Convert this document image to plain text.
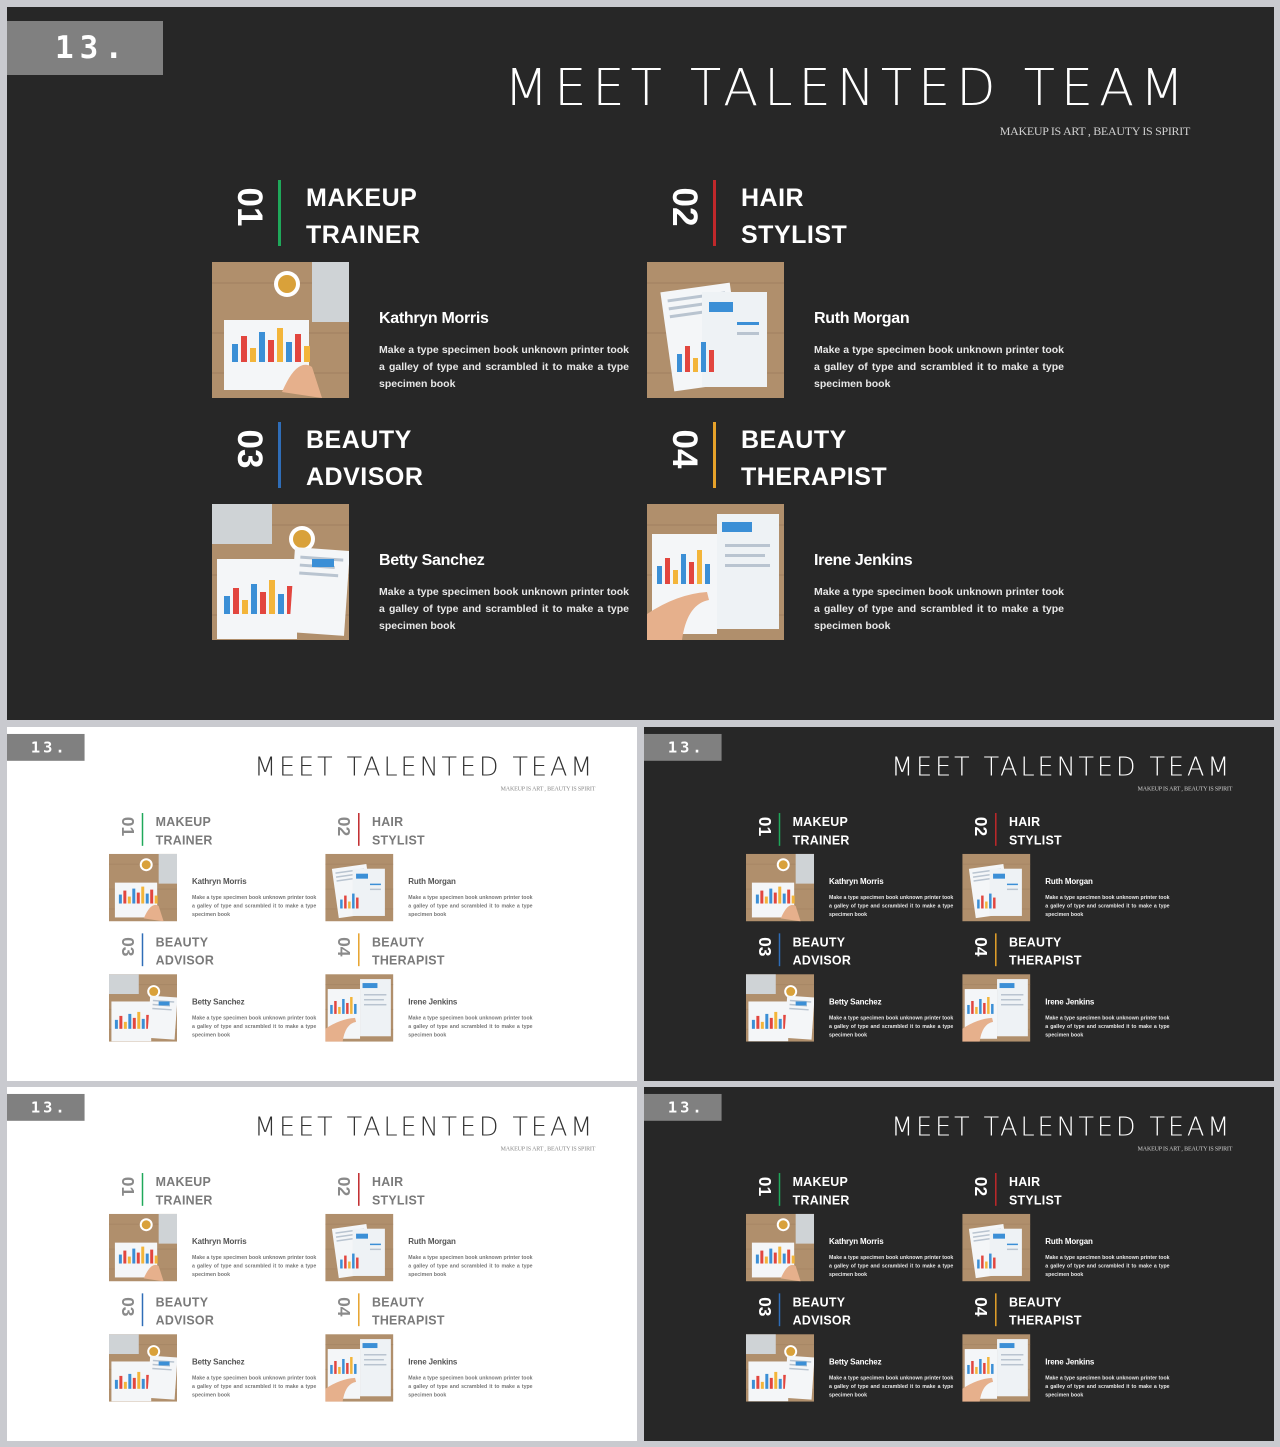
13.
MEET TALENTED TEAM
MAKEUP IS ART , BEAUTY IS SPIRIT
01 MAKEUP
TRAINER
Kathryn Morris
Make a type specimen book unknown printer took a galley of type and scrambled it to make a type specimen book
02 HAIR
STYLIST
Ruth Morgan
Make a type specimen book unknown printer took a galley of type and scrambled it to make a type specimen book
03 BEAUTY
ADVISOR
Betty Sanchez
Make a type specimen book unknown printer took a galley of type and scrambled it to make a type specimen book
04 BEAUTY
THERAPIST
Irene Jenkins
Make a type specimen book unknown printer took a galley of type and scrambled it to make a type specimen book
13.
MEET TALENTED TEAM
MAKEUP IS ART , BEAUTY IS SPIRIT
01 MAKEUP
TRAINER
Kathryn Morris
Make a type specimen book unknown printer took a galley of type and scrambled it to make a type specimen book
02 HAIR
STYLIST
Ruth Morgan
Make a type specimen book unknown printer took a galley of type and scrambled it to make a type specimen book
03 BEAUTY
ADVISOR
Betty Sanchez
Make a type specimen book unknown printer took a galley of type and scrambled it to make a type specimen book
04 BEAUTY
THERAPIST
Irene Jenkins
Make a type specimen book unknown printer took a galley of type and scrambled it to make a type specimen book
13.
MEET TALENTED TEAM
MAKEUP IS ART , BEAUTY IS SPIRIT
01 MAKEUP
TRAINER
Kathryn Morris
Make a type specimen book unknown printer took a galley of type and scrambled it to make a type specimen book
02 HAIR
STYLIST
Ruth Morgan
Make a type specimen book unknown printer took a galley of type and scrambled it to make a type specimen book
03 BEAUTY
ADVISOR
Betty Sanchez
Make a type specimen book unknown printer took a galley of type and scrambled it to make a type specimen book
04 BEAUTY
THERAPIST
Irene Jenkins
Make a type specimen book unknown printer took a galley of type and scrambled it to make a type specimen book
13.
MEET TALENTED TEAM
MAKEUP IS ART , BEAUTY IS SPIRIT
01 MAKEUP
TRAINER
Kathryn Morris
Make a type specimen book unknown printer took a galley of type and scrambled it to make a type specimen book
02 HAIR
STYLIST
Ruth Morgan
Make a type specimen book unknown printer took a galley of type and scrambled it to make a type specimen book
03 BEAUTY
ADVISOR
Betty Sanchez
Make a type specimen book unknown printer took a galley of type and scrambled it to make a type specimen book
04 BEAUTY
THERAPIST
Irene Jenkins
Make a type specimen book unknown printer took a galley of type and scrambled it to make a type specimen book
13.
MEET TALENTED TEAM
MAKEUP IS ART , BEAUTY IS SPIRIT
01 MAKEUP
TRAINER
Kathryn Morris
Make a type specimen book unknown printer took a galley of type and scrambled it to make a type specimen book
02 HAIR
STYLIST
Ruth Morgan
Make a type specimen book unknown printer took a galley of type and scrambled it to make a type specimen book
03 BEAUTY
ADVISOR
Betty Sanchez
Make a type specimen book unknown printer took a galley of type and scrambled it to make a type specimen book
04 BEAUTY
THERAPIST
Irene Jenkins
Make a type specimen book unknown printer took a galley of type and scrambled it to make a type specimen book
